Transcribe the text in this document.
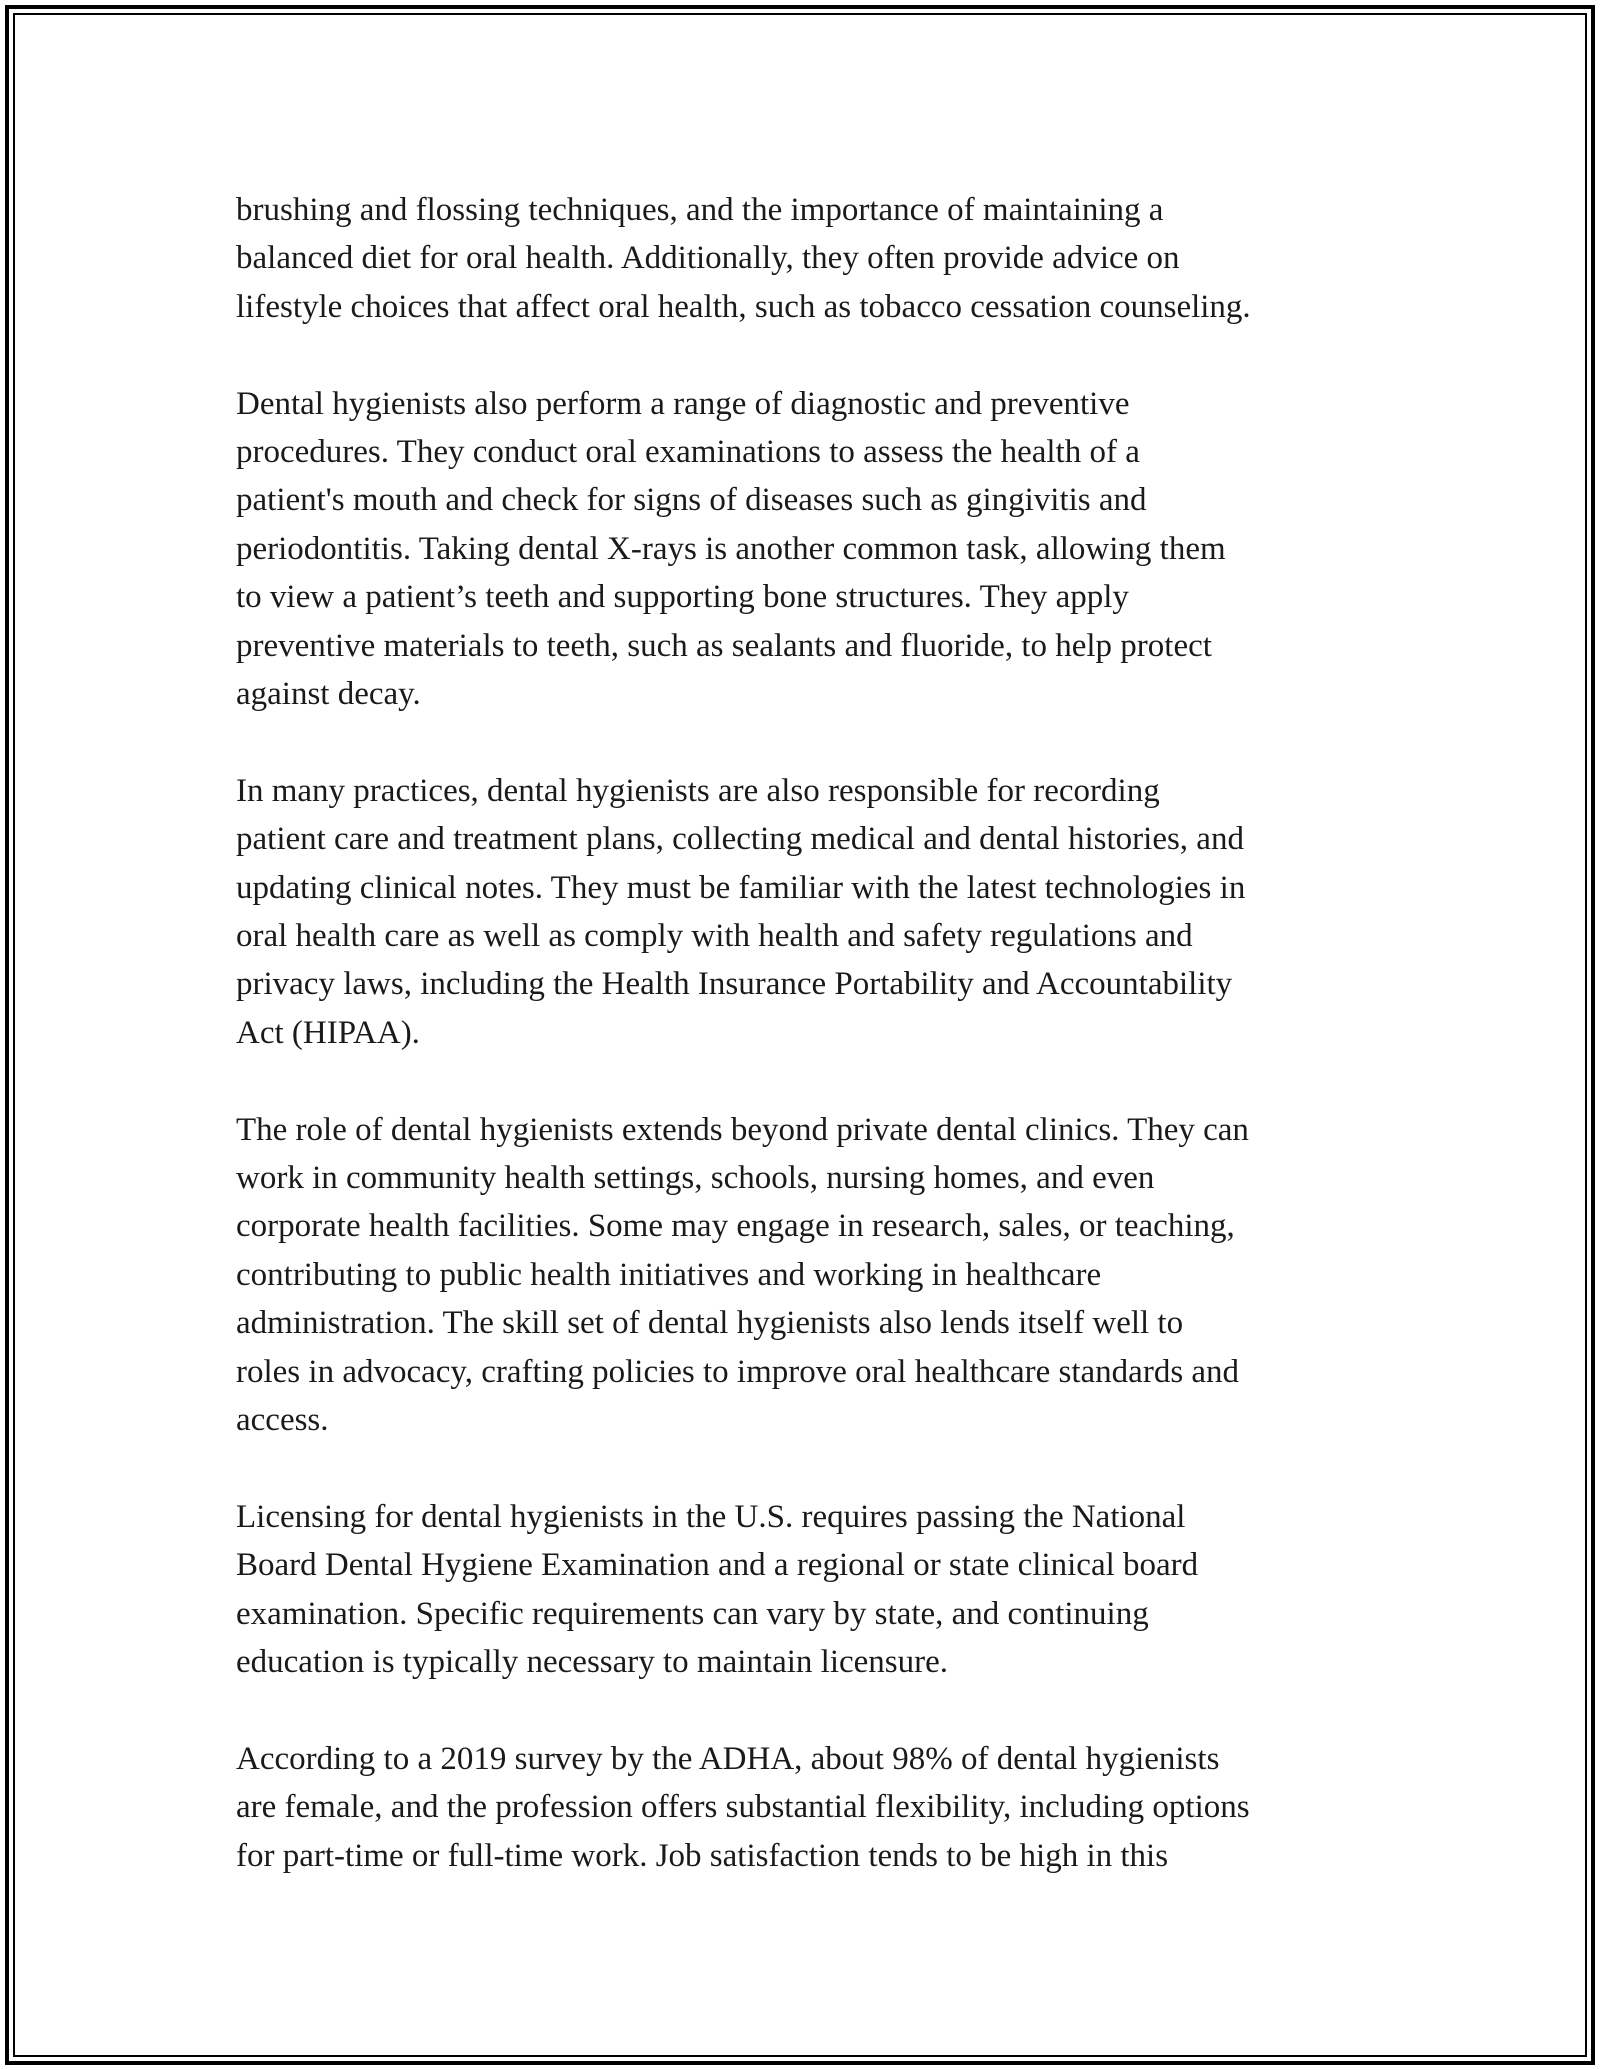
brushing and flossing techniques, and the importance of maintaining a
balanced diet for oral health. Additionally, they often provide advice on
lifestyle choices that affect oral health, such as tobacco cessation counseling.

Dental hygienists also perform a range of diagnostic and preventive
procedures. They conduct oral examinations to assess the health of a
patient's mouth and check for signs of diseases such as gingivitis and
periodontitis. Taking dental X-rays is another common task, allowing them
to view a patient’s teeth and supporting bone structures. They apply
preventive materials to teeth, such as sealants and fluoride, to help protect
against decay.

In many practices, dental hygienists are also responsible for recording
patient care and treatment plans, collecting medical and dental histories, and
updating clinical notes. They must be familiar with the latest technologies in
oral health care as well as comply with health and safety regulations and
privacy laws, including the Health Insurance Portability and Accountability
Act (HIPAA).

The role of dental hygienists extends beyond private dental clinics. They can
work in community health settings, schools, nursing homes, and even
corporate health facilities. Some may engage in research, sales, or teaching,
contributing to public health initiatives and working in healthcare
administration. The skill set of dental hygienists also lends itself well to
roles in advocacy, crafting policies to improve oral healthcare standards and
access.

Licensing for dental hygienists in the U.S. requires passing the National
Board Dental Hygiene Examination and a regional or state clinical board
examination. Specific requirements can vary by state, and continuing
education is typically necessary to maintain licensure.

According to a 2019 survey by the ADHA, about 98% of dental hygienists
are female, and the profession offers substantial flexibility, including options
for part-time or full-time work. Job satisfaction tends to be high in this
